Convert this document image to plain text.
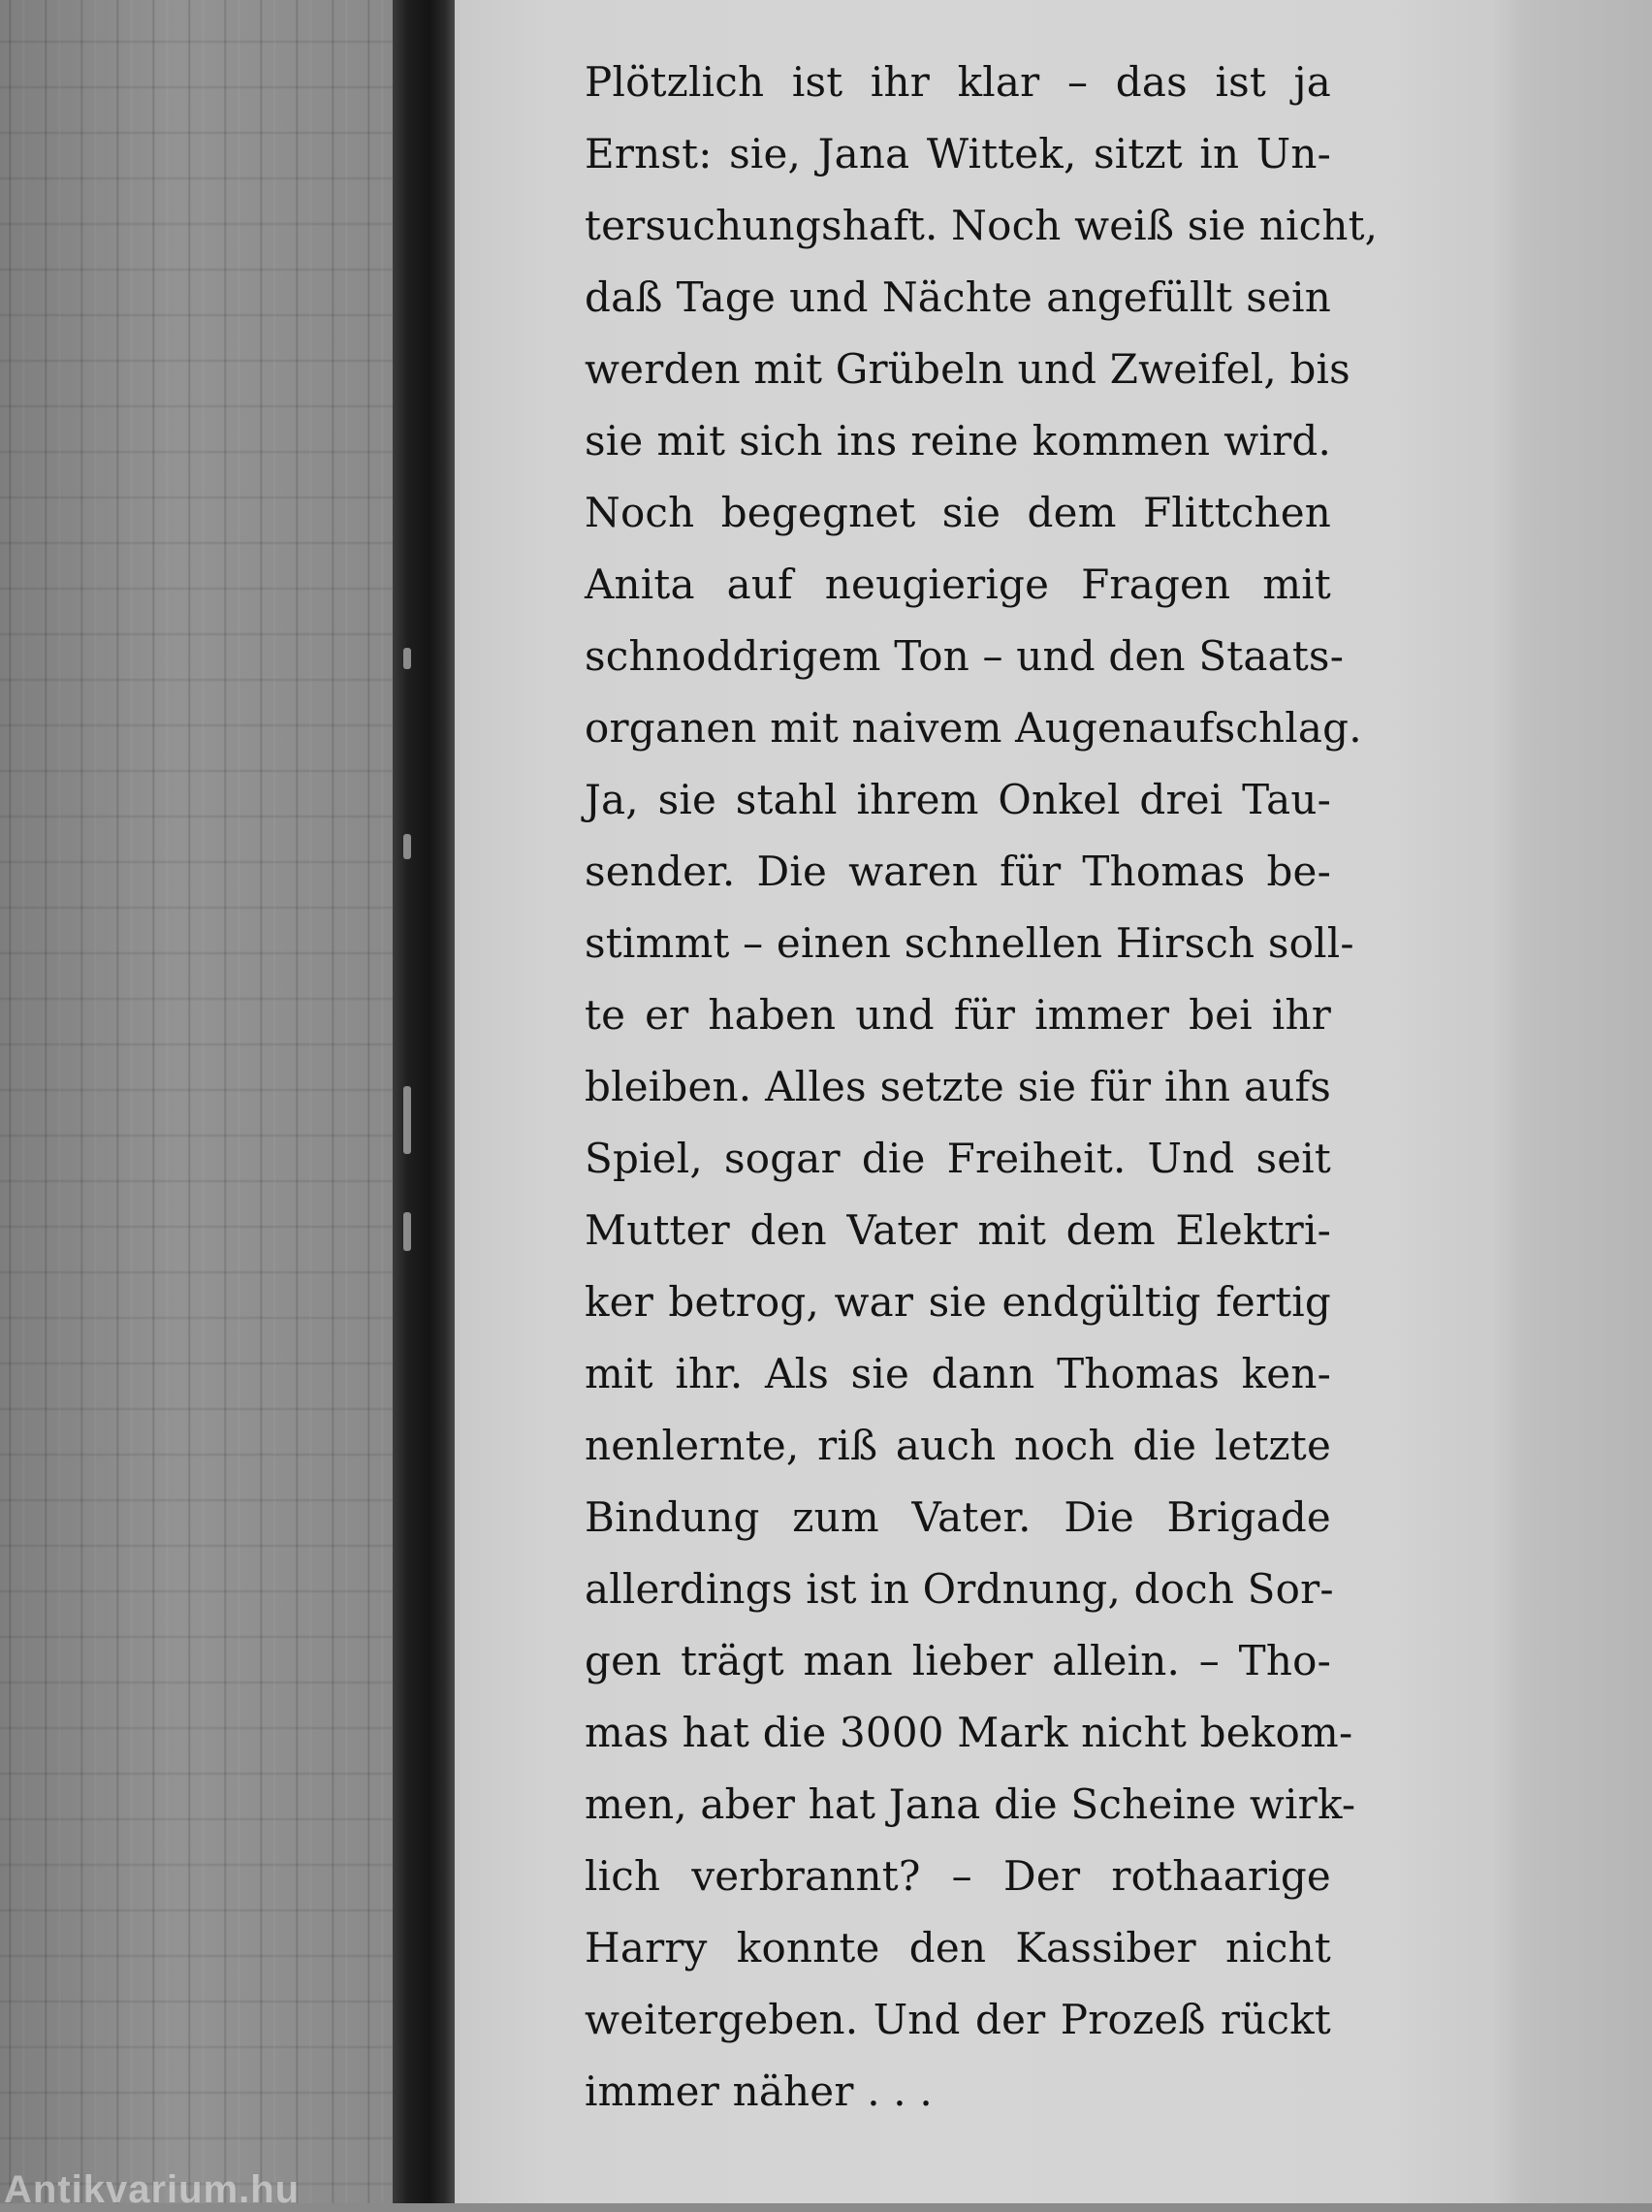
Plötzlich ist ihr klar – das ist ja
Ernst: sie, Jana Wittek, sitzt in Un-
tersuchungshaft. Noch weiß sie nicht,
daß Tage und Nächte angefüllt sein
werden mit Grübeln und Zweifel, bis
sie mit sich ins reine kommen wird.
Noch begegnet sie dem Flittchen
Anita auf neugierige Fragen mit
schnoddrigem Ton – und den Staats-
organen mit naivem Augenaufschlag.
Ja, sie stahl ihrem Onkel drei Tau-
sender. Die waren für Thomas be-
stimmt – einen schnellen Hirsch soll-
te er haben und für immer bei ihr
bleiben. Alles setzte sie für ihn aufs
Spiel, sogar die Freiheit. Und seit
Mutter den Vater mit dem Elektri-
ker betrog, war sie endgültig fertig
mit ihr. Als sie dann Thomas ken-
nenlernte, riß auch noch die letzte
Bindung zum Vater. Die Brigade
allerdings ist in Ordnung, doch Sor-
gen trägt man lieber allein. – Tho-
mas hat die 3000 Mark nicht bekom-
men, aber hat Jana die Scheine wirk-
lich verbrannt? – Der rothaarige
Harry konnte den Kassiber nicht
weitergeben. Und der Prozeß rückt
immer näher . . .
Antikvarium.hu
